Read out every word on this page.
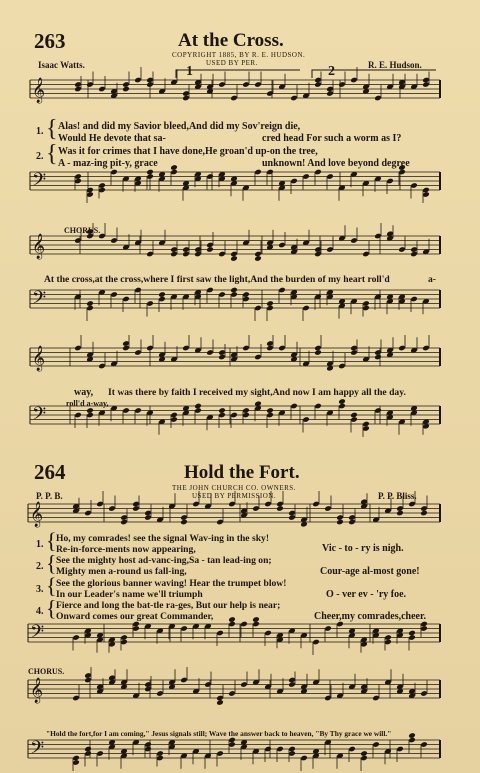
263	At the Cross.
COPYRIGHT 1885, BY R. E. HUDSON.
USED BY PER.
Isaac Watts.	R. E. Hudson.
1	2
𝄞
𝄢
𝄞
𝄢
𝄞
𝄢
𝄞
𝄢
𝄞
𝄢
{
{
{
{
{
{
1. Alas! and did my Savior bleed,And did my Sov'reign die,
Would He devote that sa-	cred head For such a worm as I?
2. Was it for crimes that I have done,He groan'd up-on the tree,
A - maz-ing pit-y, grace	unknown! And love beyond degree
CHORUS.
At the cross,at the cross,where I first saw the light,And the burden of my heart roll'd	a-
way, It was there by faith I received my sight,And now I am happy all the day.
roll'd a-way,
264	Hold the Fort.
THE JOHN CHURCH CO. OWNERS.
USED BY PERMISSION.
P. P. B.	P. P. Bliss.
1.
Ho, my comrades! see the signal Wav-ing in the sky!
Re-in-force-ments now appearing,	Vic - to - ry is nigh.
2.
See the mighty host ad-vanc-ing,Sa - tan lead-ing on;
Mighty men a-round us fall-ing,	Cour-age al-most gone!
3.
See the glorious banner waving! Hear the trumpet blow!
In our Leader's name we'll triumph	O - ver ev - 'ry foe.
4.
Fierce and long the bat-tle ra-ges, But our help is near;
Onward comes our great Commander,	Cheer,my comrades,cheer.
CHORUS.
"Hold the fort,for I am coming," Jesus signals still; Wave the answer back to heaven, "By Thy grace we will."
